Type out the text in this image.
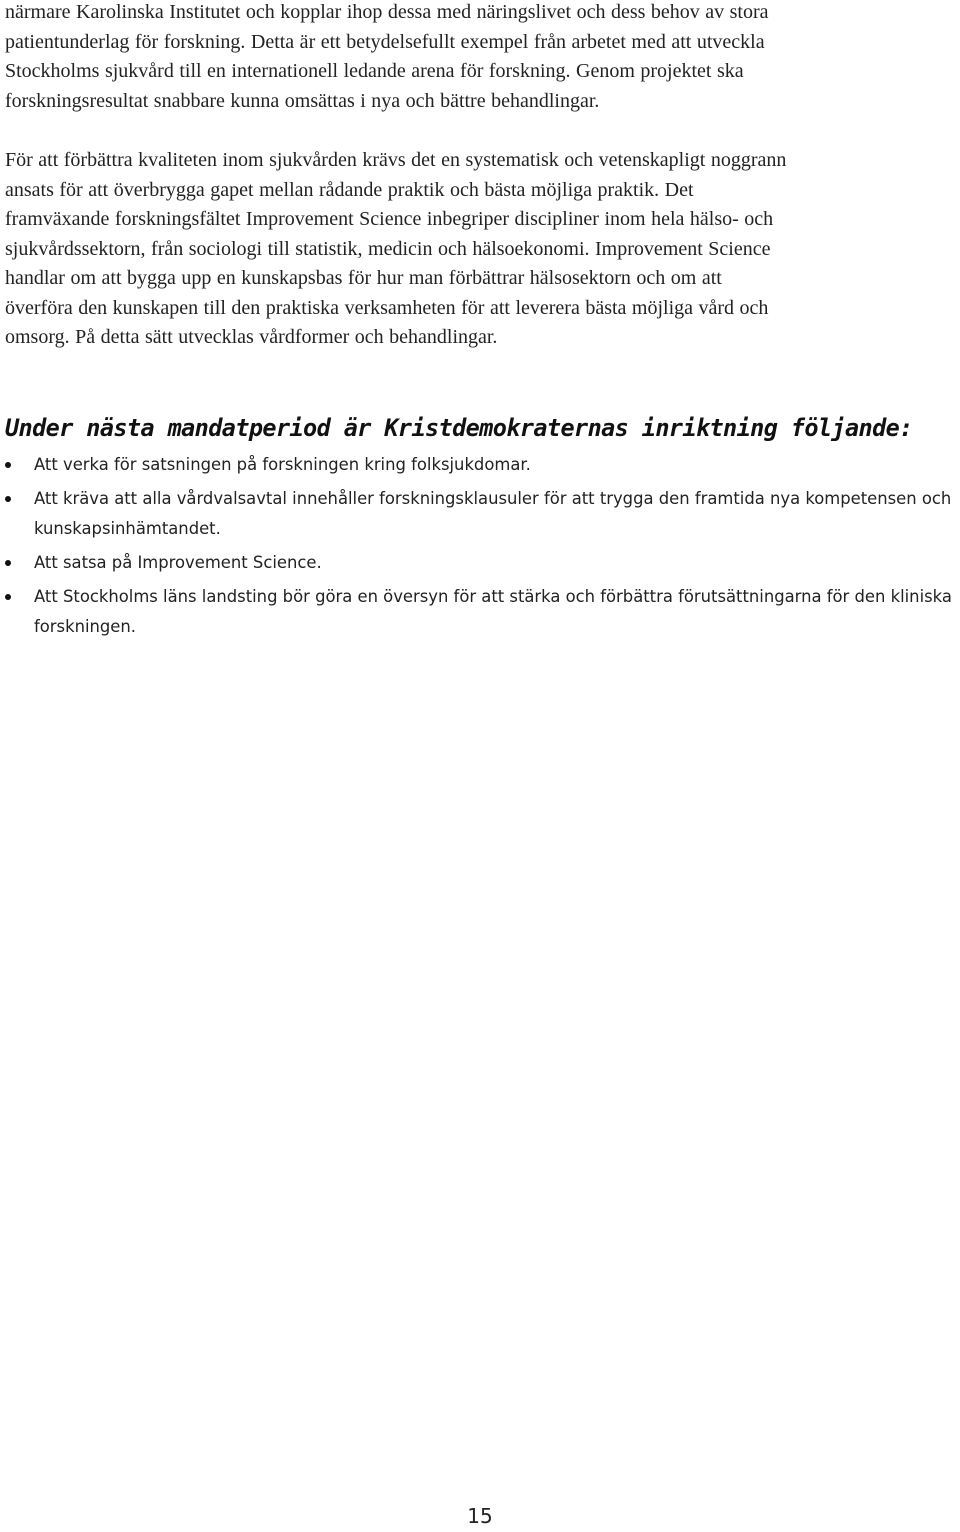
närmare Karolinska Institutet och kopplar ihop dessa med näringslivet och dess behov av stora
patientunderlag för forskning. Detta är ett betydelsefullt exempel från arbetet med att utveckla
Stockholms sjukvård till en internationell ledande arena för forskning. Genom projektet ska
forskningsresultat snabbare kunna omsättas i nya och bättre behandlingar.

För att förbättra kvaliteten inom sjukvården krävs det en systematisk och vetenskapligt noggrann
ansats för att överbrygga gapet mellan rådande praktik och bästa möjliga praktik. Det
framväxande forskningsfältet Improvement Science inbegriper discipliner inom hela hälso- och
sjukvårdssektorn, från sociologi till statistik, medicin och hälsoekonomi. Improvement Science
handlar om att bygga upp en kunskapsbas för hur man förbättrar hälsosektorn och om att
överföra den kunskapen till den praktiska verksamheten för att leverera bästa möjliga vård och
omsorg. På detta sätt utvecklas vårdformer och behandlingar.

Under nästa mandatperiod är Kristdemokraternas inriktning följande:
Att verka för satsningen på forskningen kring folksjukdomar.
Att kräva att alla vårdvalsavtal innehåller forskningsklausuler för att trygga den framtida nya kompetensen och kunskapsinhämtandet.
Att satsa på Improvement Science.
Att Stockholms läns landsting bör göra en översyn för att stärka och förbättra förutsättningarna för den kliniska forskningen.

15
